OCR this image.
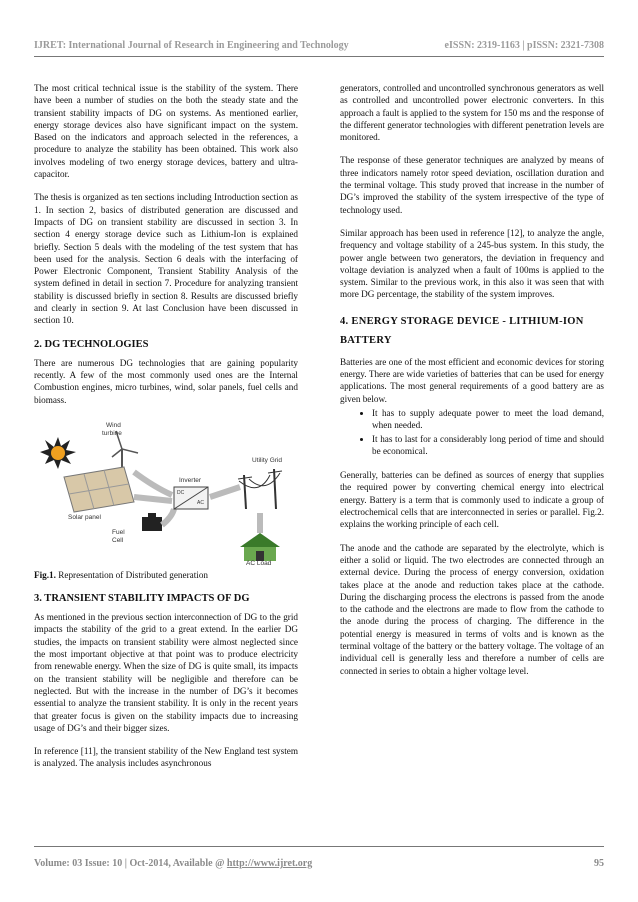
IJRET: International Journal of Research in Engineering and Technology	eISSN: 2319-1163 | pISSN: 2321-7308

The most critical technical issue is the stability of the system. There have been a number of studies on the both the steady state and the transient stability impacts of DG on systems. As mentioned earlier, energy storage devices also have significant impact on the system. Based on the indicators and approach selected in the references, a procedure to analyze the stability has been obtained. This work also involves modeling of two energy storage devices, battery and ultra-capacitor.

The thesis is organized as ten sections including Introduction section as 1. In section 2, basics of distributed generation are discussed and Impacts of DG on transient stability are discussed in section 3. In section 4 energy storage device such as Lithium-Ion is explained briefly. Section 5 deals with the modeling of the test system that has been used for the analysis. Section 6 deals with the interfacing of Power Electronic Component, Transient Stability Analysis of the system defined in detail in section 7. Procedure for analyzing transient stability is discussed briefly in section 8. Results are discussed briefly and clearly in section 9. At last Conclusion have been discussed in section 10.

2. DG TECHNOLOGIES

There are numerous DG technologies that are gaining popularity recently. A few of the most commonly used ones are the Internal Combustion engines, micro turbines, wind, solar panels, fuel cells and biomass.

Wind
turbine
Inverter
DC
AC
Utility Grid
Solar panel
Fuel
Cell
AC Load

Fig.1. Representation of Distributed generation

3. TRANSIENT STABILITY IMPACTS OF DG

As mentioned in the previous section interconnection of DG to the grid impacts the stability of the grid to a great extend. In the earlier DG studies, the impacts on transient stability were almost neglected since the most important objective at that point was to produce electricity from renewable energy. When the size of DG is quite small, its impacts on the transient stability will be negligible and therefore can be neglected. But with the increase in the number of DG’s it becomes essential to analyze the transient stability. It is only in the recent years that greater focus is given on the stability impacts due to increasing usage of DG’s and their bigger sizes.

In reference [11], the transient stability of the New England test system is analyzed. The analysis includes asynchronous

generators, controlled and uncontrolled synchronous generators as well as controlled and uncontrolled power electronic converters. In this approach a fault is applied to the system for 150 ms and the response of the different generator technologies with different penetration levels are monitored.

The response of these generator techniques are analyzed by means of three indicators namely rotor speed deviation, oscillation duration and the terminal voltage. This study proved that increase in the number of DG’s improved the stability of the system irrespective of the type of technology used.

Similar approach has been used in reference [12], to analyze the angle, frequency and voltage stability of a 245-bus system. In this study, the power angle between two generators, the deviation in frequency and voltage deviation is analyzed when a fault of 100ms is applied to the system. Similar to the previous work, in this also it was seen that with more DG percentage, the stability of the system improves.

4. ENERGY STORAGE DEVICE - LITHIUM-ION BATTERY

Batteries are one of the most efficient and economic devices for storing energy. There are wide varieties of batteries that can be used for energy applications. The most general requirements of a good battery are as given below.

• It has to supply adequate power to meet the load demand, when needed.
• It has to last for a considerably long period of time and should be economical.

Generally, batteries can be defined as sources of energy that supplies the required power by converting chemical energy into electrical energy. Battery is a term that is commonly used to indicate a group of electrochemical cells that are interconnected in series or parallel. Fig.2. explains the working principle of each cell.

The anode and the cathode are separated by the electrolyte, which is either a solid or liquid. The two electrodes are connected through an external device. During the process of energy conversion, oxidation takes place at the anode and reduction takes place at the cathode. During the discharging process the electrons is passed from the anode to the cathode and the electrons are made to flow from the cathode to the anode during the process of charging. The difference in the potential energy is measured in terms of volts and is known as the terminal voltage of the battery or the battery voltage. The voltage of an individual cell is generally less and therefore a number of cells are connected in series to obtain a higher voltage level.

Volume: 03 Issue: 10 | Oct-2014, Available @ http://www.ijret.org	95
